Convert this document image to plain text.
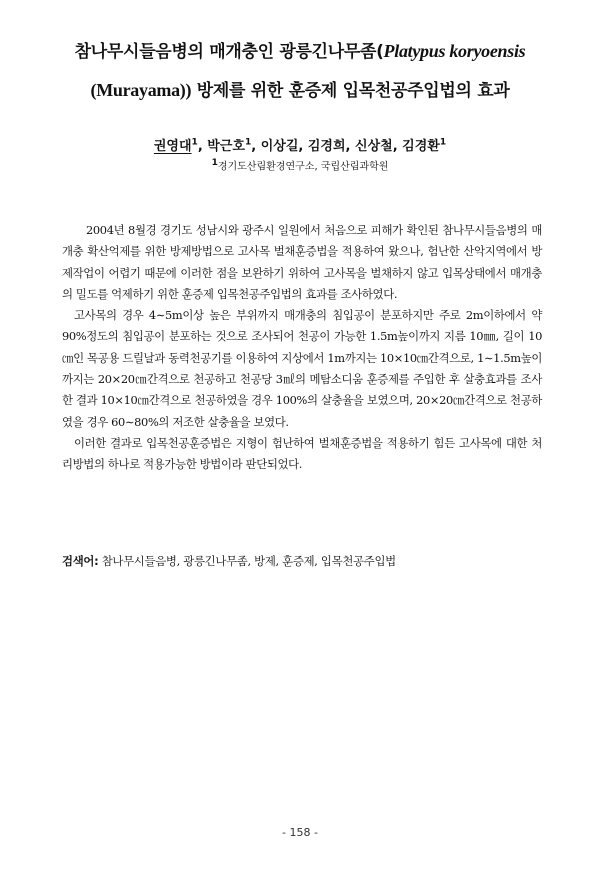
참나무시들음병의 매개충인 광릉긴나무좀(Platypus koryoensis
(Murayama)) 방제를 위한 훈증제 입목천공주입법의 효과
권영대$^1$, 박근호$^1$, 이상길, 김경희, 신상철, 김경환$^1$
$^1$경기도산림환경연구소, 국립산림과학원

2004년 8월경 경기도 성남시와 광주시 일원에서 처음으로 피해가 확인된 참나무시들음병의 매개충 확산억제를 위한 방제방법으로 고사목 벌채훈증법을 적용하여 왔으나, 험난한 산악지역에서 방제작업이 어렵기 때문에 이러한 점을 보완하기 위하여 고사목을 벌채하지 않고 입목상태에서 매개충의 밀도를 억제하기 위한 훈증제 입목천공주입법의 효과를 조사하였다.

고사목의 경우 4∼5m이상 높은 부위까지 매개충의 침입공이 분포하지만 주로 2m이하에서 약 90%정도의 침입공이 분포하는 것으로 조사되어 천공이 가능한 1.5m높이까지 지름 10㎜, 길이 10㎝인 목공용 드릴날과 동력천공기를 이용하여 지상에서 1m까지는 10×10㎝간격으로, 1∼1.5m높이까지는 20×20㎝간격으로 천공하고 천공당 3㎖의 메탐소디움 훈증제를 주입한 후 살충효과를 조사한 결과 10×10㎝간격으로 천공하였을 경우 100%의 살충율을 보였으며, 20×20㎝간격으로 천공하였을 경우 60∼80%의 저조한 살충율을 보였다.

이러한 결과로 입목천공훈증법은 지형이 험난하여 벌채훈증법을 적용하기 힘든 고사목에 대한 처리방법의 하나로 적용가능한 방법이라 판단되었다.

검색어: 참나무시들음병, 광릉긴나무좀, 방제, 훈증제, 입목천공주입법
- 158 -
